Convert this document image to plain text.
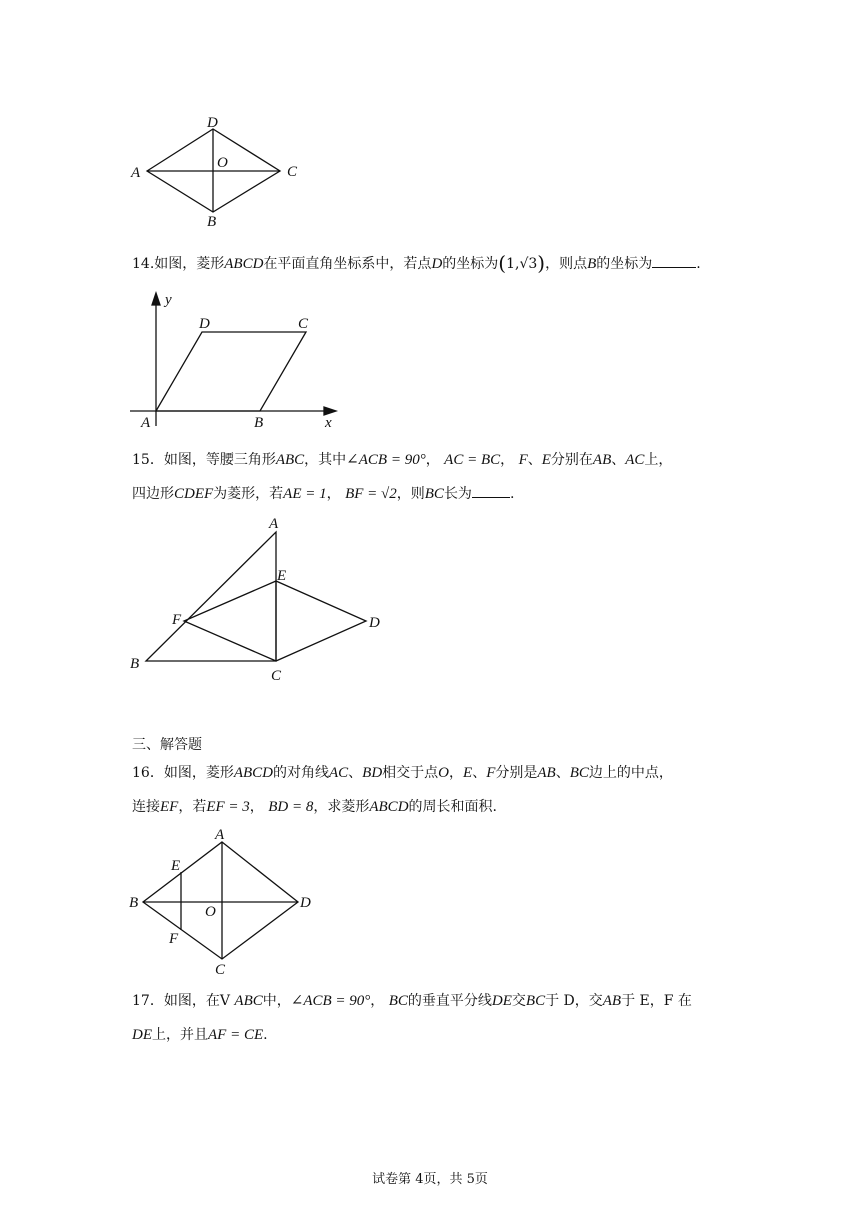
D
A
O
C
B
14.如图，菱形ABCD在平面直角坐标系中，若点D的坐标为(1,√3)，则点B的坐标为	.
y
D	C
A	B	x
15．如图，等腰三角形ABC，其中∠ACB = 90°， AC = BC， F、E分别在AB、AC上，
四边形CDEF为菱形，若AE = 1， BF = √2，则BC长为	.
A
E
F	D
B
C
三、解答题
16．如图，菱形ABCD的对角线AC、BD相交于点O，E、F分别是AB、BC边上的中点，
连接EF，若EF = 3， BD = 8，求菱形ABCD的周长和面积.
A
E
B
O
D
F
C
17．如图，在V ABC中，∠ACB = 90°， BC的垂直平分线DE交BC于 D，交AB于 E，F 在
DE上，并且AF = CE.
试卷第 4页，共 5页
